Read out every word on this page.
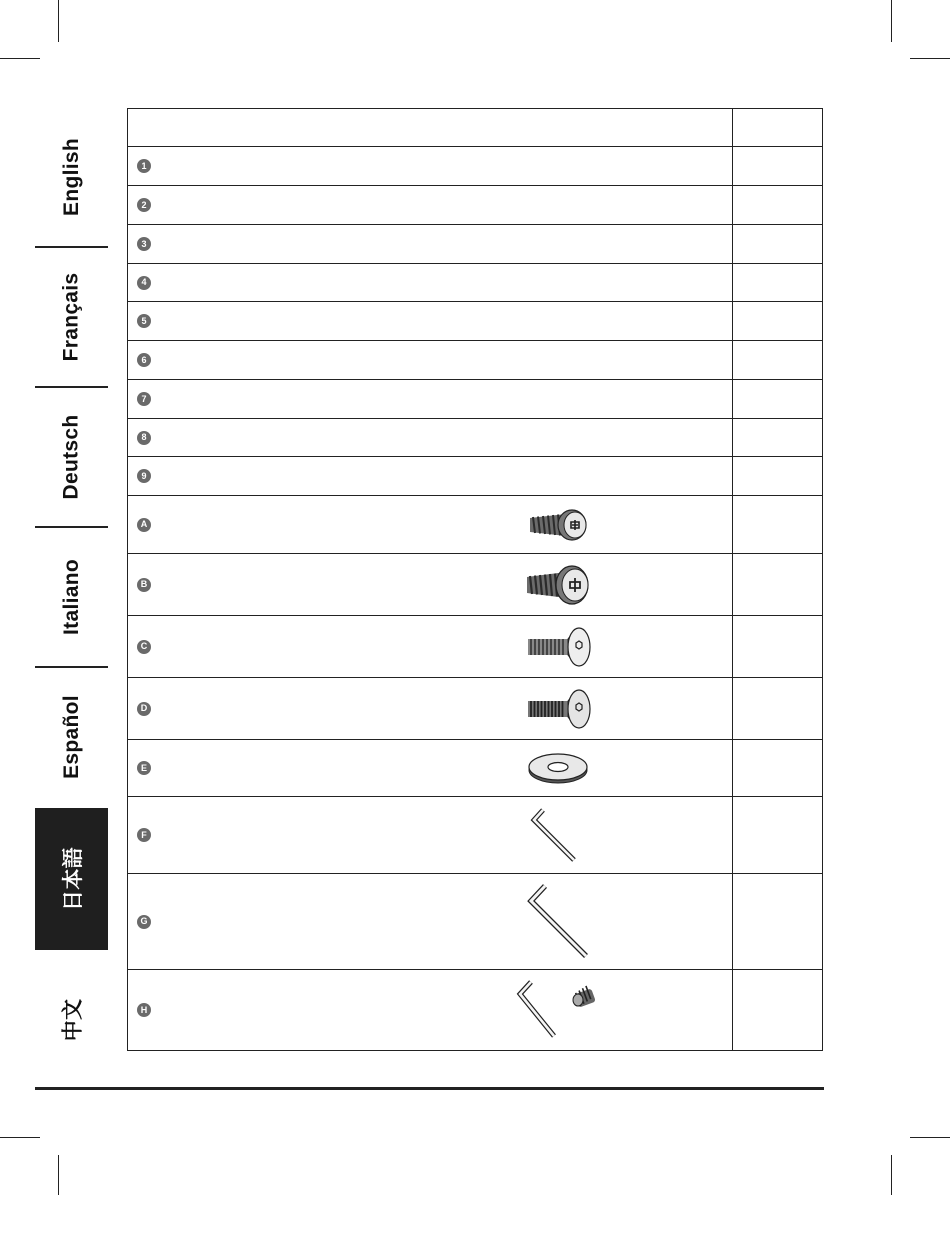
English
Français
Deutsch
Italiano
Español
日本語
中文

1	

2	

3	

4	

5	

6	

7	

8	

9	

A	

B	

C	

D	

E	

F	

G	

H	
